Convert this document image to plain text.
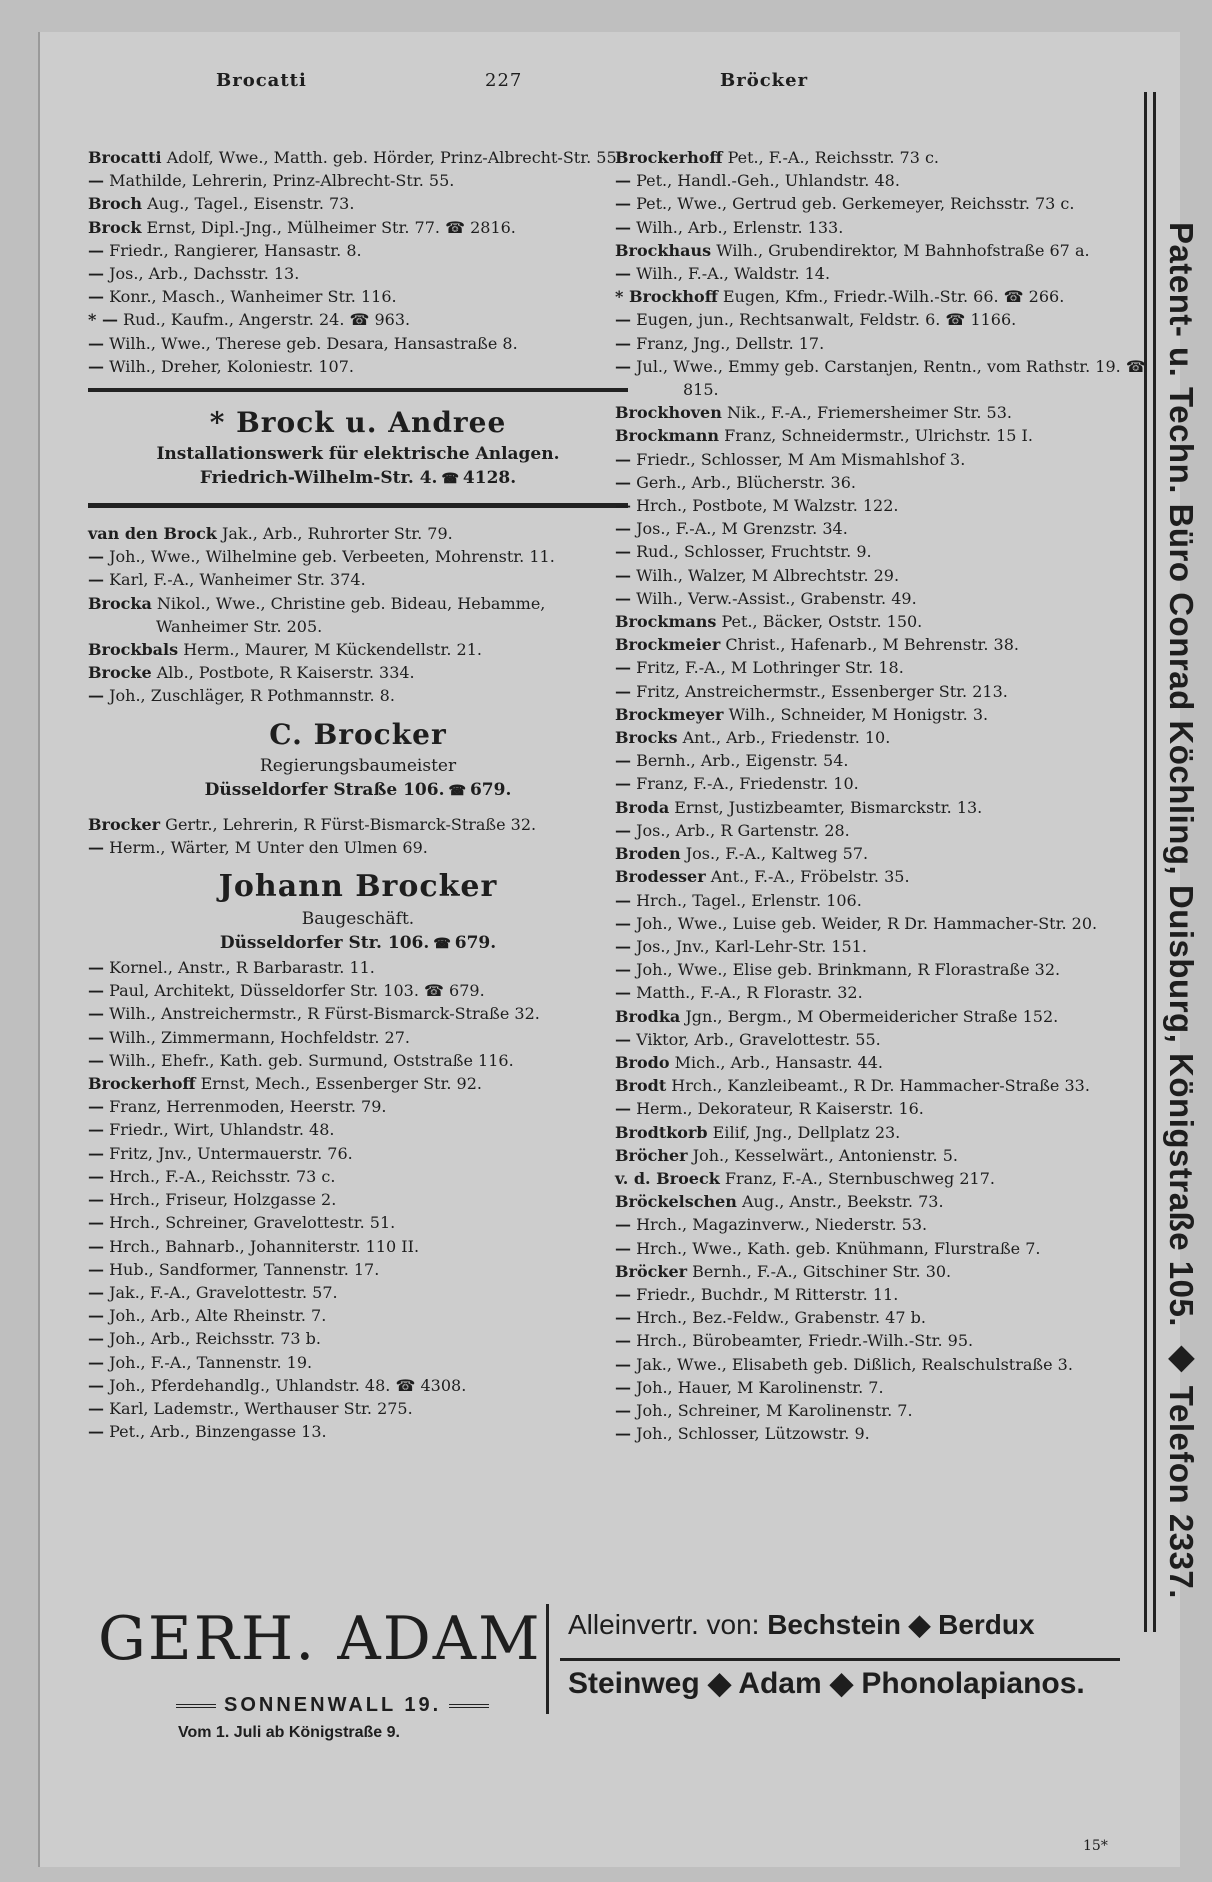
Brocatti	227	Bröcker
Brocatti Adolf, Wwe., Matth. geb. Hörder, Prinz-Albrecht-Str. 55.
— Mathilde, Lehrerin, Prinz-Albrecht-Str. 55.
Broch Aug., Tagel., Eisenstr. 73.
Brock Ernst, Dipl.-Jng., Mülheimer Str. 77. ☎ 2816.
— Friedr., Rangierer, Hansastr. 8.
— Jos., Arb., Dachsstr. 13.
— Konr., Masch., Wanheimer Str. 116.
* — Rud., Kaufm., Angerstr. 24. ☎ 963.
— Wilh., Wwe., Therese geb. Desara, Hansastraße 8.
— Wilh., Dreher, Koloniestr. 107.
* Brock u. Andree
Installationswerk für elektrische Anlagen.
Friedrich-Wilhelm-Str. 4. ☎ 4128.
van den Brock Jak., Arb., Ruhrorter Str. 79.
— Joh., Wwe., Wilhelmine geb. Verbeeten, Mohrenstr. 11.
— Karl, F.-A., Wanheimer Str. 374.
Brocka Nikol., Wwe., Christine geb. Bideau, Hebamme, Wanheimer Str. 205.
Brockbals Herm., Maurer, M Kückendellstr. 21.
Brocke Alb., Postbote, R Kaiserstr. 334.
— Joh., Zuschläger, R Pothmannstr. 8.
C. Brocker
Regierungsbaumeister
Düsseldorfer Straße 106. ☎ 679.
Brocker Gertr., Lehrerin, R Fürst-Bismarck-Straße 32.
— Herm., Wärter, M Unter den Ulmen 69.
Johann Brocker
Baugeschäft.
Düsseldorfer Str. 106. ☎ 679.
— Kornel., Anstr., R Barbarastr. 11.
— Paul, Architekt, Düsseldorfer Str. 103. ☎ 679.
— Wilh., Anstreichermstr., R Fürst-Bismarck-Straße 32.
— Wilh., Zimmermann, Hochfeldstr. 27.
— Wilh., Ehefr., Kath. geb. Surmund, Oststraße 116.
Brockerhoff Ernst, Mech., Essenberger Str. 92.
— Franz, Herrenmoden, Heerstr. 79.
— Friedr., Wirt, Uhlandstr. 48.
— Fritz, Jnv., Untermauerstr. 76.
— Hrch., F.-A., Reichsstr. 73 c.
— Hrch., Friseur, Holzgasse 2.
— Hrch., Schreiner, Gravelottestr. 51.
— Hrch., Bahnarb., Johanniterstr. 110 II.
— Hub., Sandformer, Tannenstr. 17.
— Jak., F.-A., Gravelottestr. 57.
— Joh., Arb., Alte Rheinstr. 7.
— Joh., Arb., Reichsstr. 73 b.
— Joh., F.-A., Tannenstr. 19.
— Joh., Pferdehandlg., Uhlandstr. 48. ☎ 4308.
— Karl, Lademstr., Werthauser Str. 275.
— Pet., Arb., Binzengasse 13.
Brockerhoff Pet., F.-A., Reichsstr. 73 c.
— Pet., Handl.-Geh., Uhlandstr. 48.
— Pet., Wwe., Gertrud geb. Gerkemeyer, Reichsstr. 73 c.
— Wilh., Arb., Erlenstr. 133.
Brockhaus Wilh., Grubendirektor, M Bahnhofstraße 67 a.
— Wilh., F.-A., Waldstr. 14.
* Brockhoff Eugen, Kfm., Friedr.-Wilh.-Str. 66. ☎ 266.
— Eugen, jun., Rechtsanwalt, Feldstr. 6. ☎ 1166.
— Franz, Jng., Dellstr. 17.
— Jul., Wwe., Emmy geb. Carstanjen, Rentn., vom Rathstr. 19. ☎ 815.
Brockhoven Nik., F.-A., Friemersheimer Str. 53.
Brockmann Franz, Schneidermstr., Ulrichstr. 15 I.
— Friedr., Schlosser, M Am Mismahlshof 3.
— Gerh., Arb., Blücherstr. 36.
— Hrch., Postbote, M Walzstr. 122.
— Jos., F.-A., M Grenzstr. 34.
— Rud., Schlosser, Fruchtstr. 9.
— Wilh., Walzer, M Albrechtstr. 29.
— Wilh., Verw.-Assist., Grabenstr. 49.
Brockmans Pet., Bäcker, Oststr. 150.
Brockmeier Christ., Hafenarb., M Behrenstr. 38.
— Fritz, F.-A., M Lothringer Str. 18.
— Fritz, Anstreichermstr., Essenberger Str. 213.
Brockmeyer Wilh., Schneider, M Honigstr. 3.
Brocks Ant., Arb., Friedenstr. 10.
— Bernh., Arb., Eigenstr. 54.
— Franz, F.-A., Friedenstr. 10.
Broda Ernst, Justizbeamter, Bismarckstr. 13.
— Jos., Arb., R Gartenstr. 28.
Broden Jos., F.-A., Kaltweg 57.
Brodesser Ant., F.-A., Fröbelstr. 35.
— Hrch., Tagel., Erlenstr. 106.
— Joh., Wwe., Luise geb. Weider, R Dr. Hammacher-Str. 20.
— Jos., Jnv., Karl-Lehr-Str. 151.
— Joh., Wwe., Elise geb. Brinkmann, R Florastraße 32.
— Matth., F.-A., R Florastr. 32.
Brodka Jgn., Bergm., M Obermeidericher Straße 152.
— Viktor, Arb., Gravelottestr. 55.
Brodo Mich., Arb., Hansastr. 44.
Brodt Hrch., Kanzleibeamt., R Dr. Hammacher-Straße 33.
— Herm., Dekorateur, R Kaiserstr. 16.
Brodtkorb Eilif, Jng., Dellplatz 23.
Bröcher Joh., Kesselwärt., Antonienstr. 5.
v. d. Broeck Franz, F.-A., Sternbuschweg 217.
Bröckelschen Aug., Anstr., Beekstr. 73.
— Hrch., Magazinverw., Niederstr. 53.
— Hrch., Wwe., Kath. geb. Knühmann, Flurstraße 7.
Bröcker Bernh., F.-A., Gitschiner Str. 30.
— Friedr., Buchdr., M Ritterstr. 11.
— Hrch., Bez.-Feldw., Grabenstr. 47 b.
— Hrch., Bürobeamter, Friedr.-Wilh.-Str. 95.
— Jak., Wwe., Elisabeth geb. Dißlich, Realschulstraße 3.
— Joh., Hauer, M Karolinenstr. 7.
— Joh., Schreiner, M Karolinenstr. 7.
— Joh., Schlosser, Lützowstr. 9.	Patent- u. Techn. Büro Conrad Köchling, Duisburg, Königstraße 105. ◆ Telefon 2337.
GERH. ADAM
SONNENWALL 19.
Vom 1. Juli ab Königstraße 9.
Alleinvertr. von: Bechstein ◆ Berdux
Steinweg ◆ Adam ◆ Phonolapianos.
15*
